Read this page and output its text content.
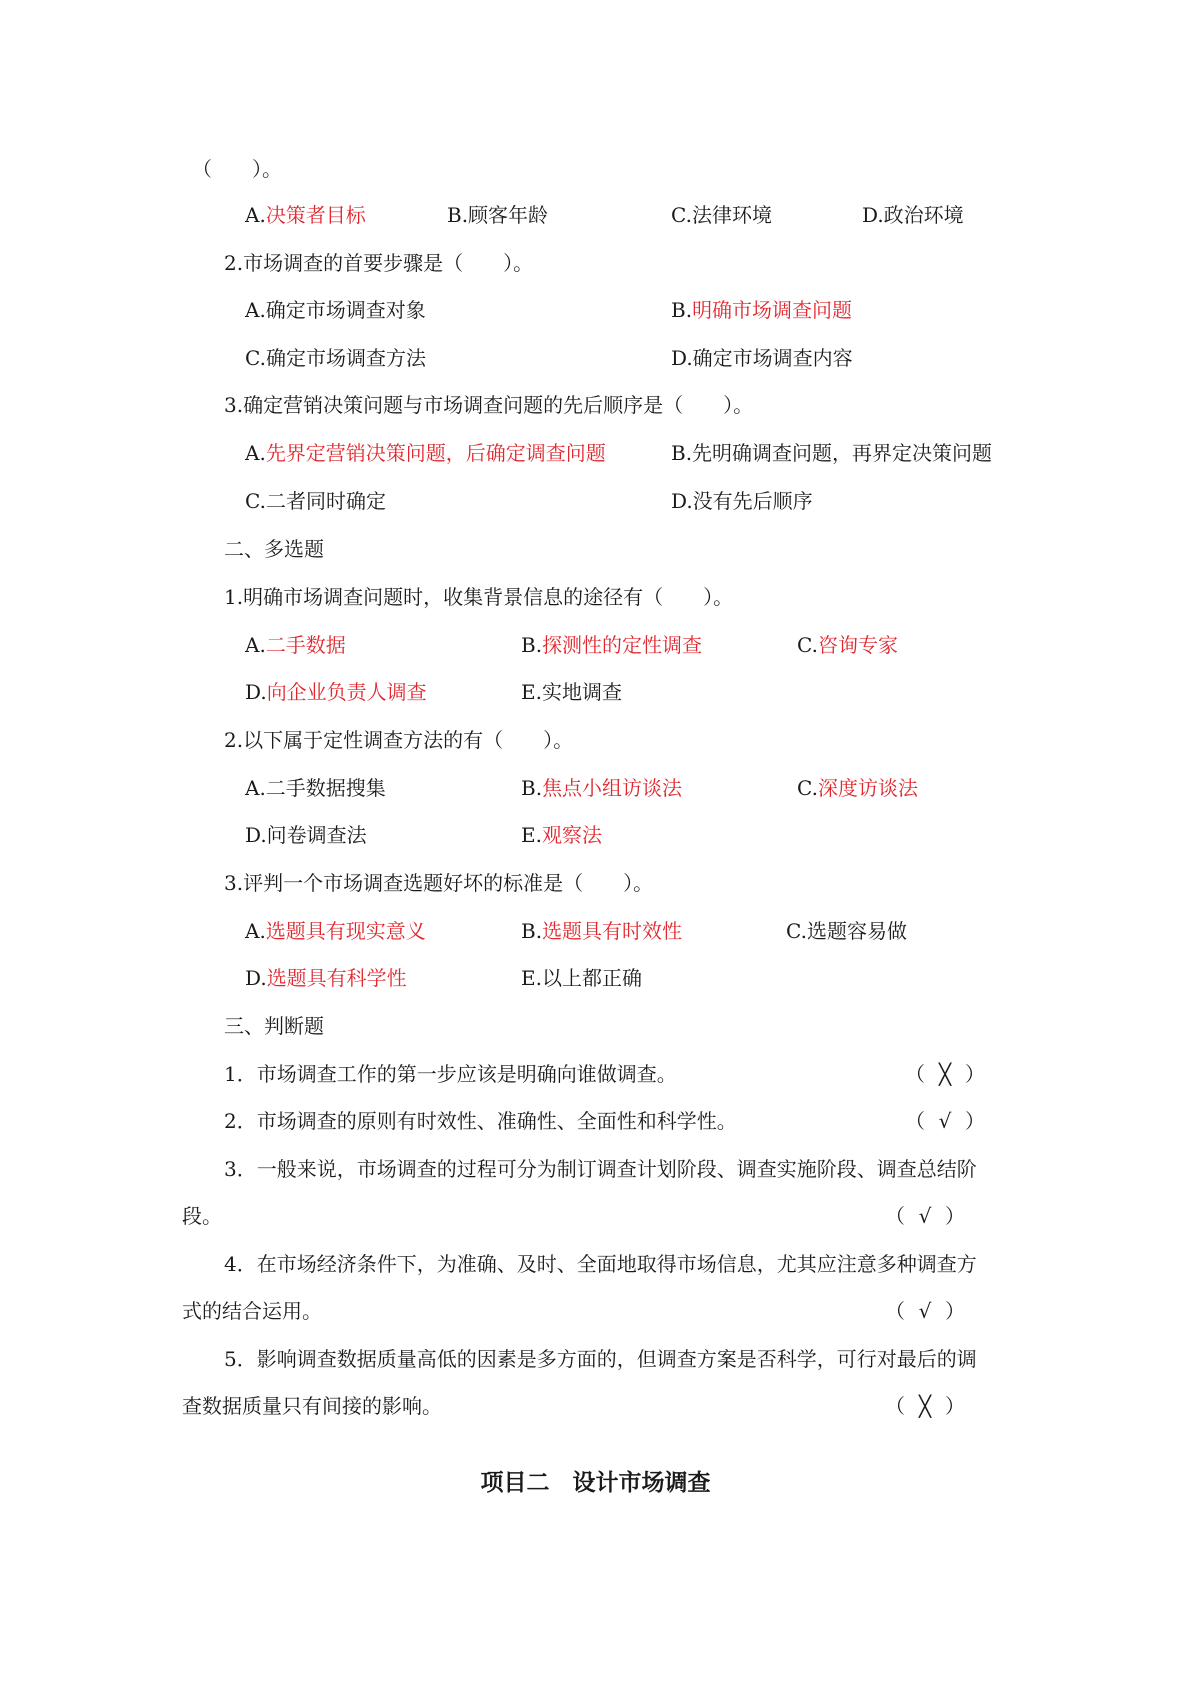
（　　）。
A.决策者目标	B.顾客年龄	C.法律环境	D.政治环境
2.市场调查的首要步骤是（　　）。
A.确定市场调查对象	B.明确市场调查问题
C.确定市场调查方法	D.确定市场调查内容
3.确定营销决策问题与市场调查问题的先后顺序是（　　）。
A.先界定营销决策问题，后确定调查问题	B.先明确调查问题，再界定决策问题
C.二者同时确定	D.没有先后顺序
二、多选题
1.明确市场调查问题时，收集背景信息的途径有（　　）。
A.二手数据	B.探测性的定性调查	C.咨询专家
D.向企业负责人调查	E.实地调查
2.以下属于定性调查方法的有（　　）。
A.二手数据搜集	B.焦点小组访谈法	C.深度访谈法
D.问卷调查法	E.观察法
3.评判一个市场调查选题好坏的标准是（　　）。
A.选题具有现实意义	B.选题具有时效性	C.选题容易做
D.选题具有科学性	E.以上都正确
三、判断题
1．市场调查工作的第一步应该是明确向谁做调查。	（ ╳ ）
2．市场调查的原则有时效性、准确性、全面性和科学性。	（ √ ）
3．一般来说，市场调查的过程可分为制订调查计划阶段、调查实施阶段、调查总结阶
段。	（ √ ）
4．在市场经济条件下，为准确、及时、全面地取得市场信息，尤其应注意多种调查方
式的结合运用。	（ √ ）
5．影响调查数据质量高低的因素是多方面的，但调查方案是否科学，可行对最后的调
查数据质量只有间接的影响。	（ ╳ ）
项目二　设计市场调查
